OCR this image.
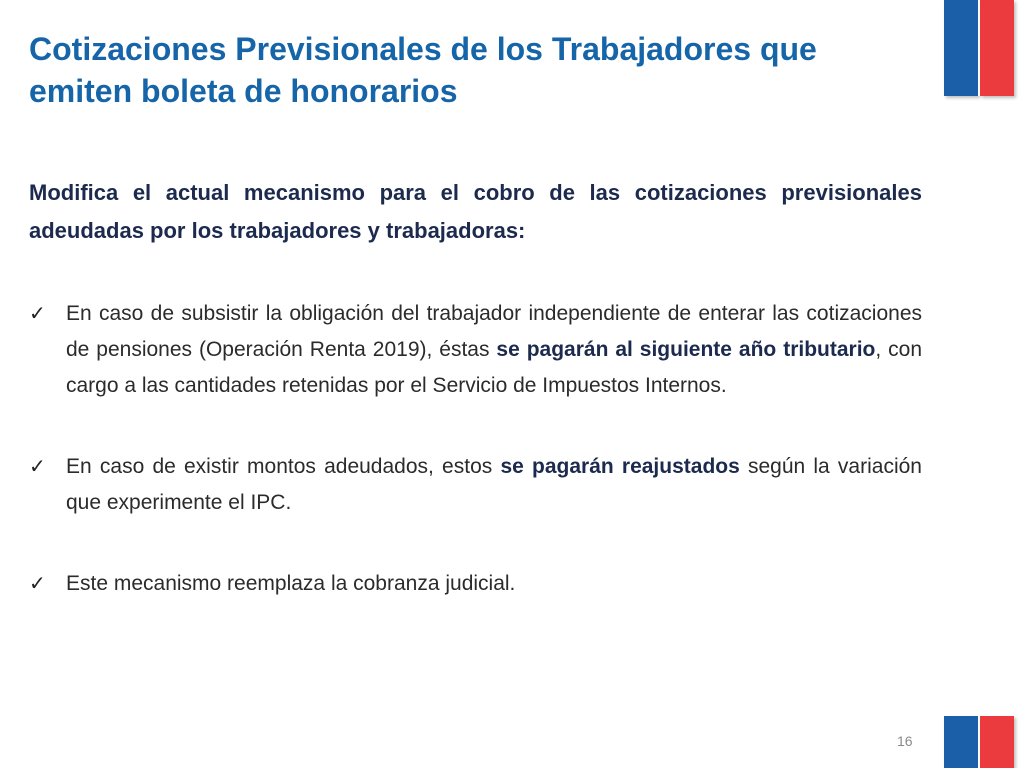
Cotizaciones Previsionales de los Trabajadores que emiten boleta de honorarios

Modifica el actual mecanismo para el cobro de las cotizaciones previsionales adeudadas por los trabajadores y trabajadoras:

✓ En caso de subsistir la obligación del trabajador independiente de enterar las cotizaciones de pensiones (Operación Renta 2019), éstas se pagarán al siguiente año tributario, con cargo a las cantidades retenidas por el Servicio de Impuestos Internos.
✓ En caso de existir montos adeudados, estos se pagarán reajustados según la variación que experimente el IPC.
✓ Este mecanismo reemplaza la cobranza judicial.
16
